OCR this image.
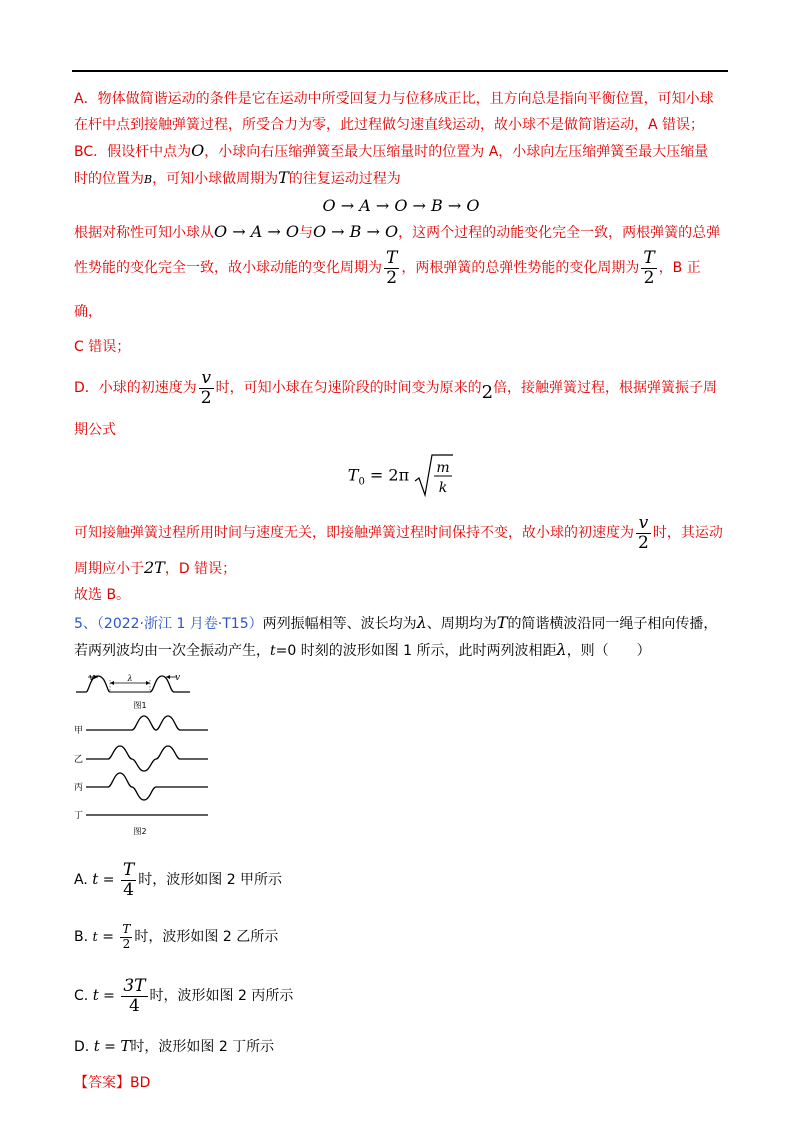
A．物体做简谐运动的条件是它在运动中所受回复力与位移成正比，且方向总是指向平衡位置，可知小球

在杆中点到接触弹簧过程，所受合力为零，此过程做匀速直线运动，故小球不是做简谐运动，A 错误；

BC．假设杆中点为O，小球向右压缩弹簧至最大压缩量时的位置为 A，小球向左压缩弹簧至最大压缩量

时的位置为B，可知小球做周期为T的往复运动过程为

O → A → O → B → O

根据对称性可知小球从O → A → O与O → B → O，这两个过程的动能变化完全一致，两根弹簧的总弹

性势能的变化完全一致，故小球动能的变化周期为 $\frac{T}{2}$ ，两根弹簧的总弹性势能的变化周期为 $\frac{T}{2}$ ，B 正确，

C 错误；

D．小球的初速度为 $\frac{v}{2}$ 时，可知小球在匀速阶段的时间变为原来的2倍，接触弹簧过程，根据弹簧振子周

期公式

$T_0 = 2\pi$ m
k

可知接触弹簧过程所用时间与速度无关，即接触弹簧过程时间保持不变，故小球的初速度为 $\frac{v}{2}$ 时，其运动

周期应小于2T，D 错误；

故选 B。

5、（2022·浙江 1 月卷·T15）两列振幅相等、波长均为λ、周期均为T的简谐横波沿同一绳子相向传播，

若两列波均由一次全振动产生，t=0 时刻的波形如图 1 所示，此时两列波相距λ，则（　　）

v	v
λ
图1
甲
乙
丙
丁
图2

A. $t = \frac{T}{4}$ 时，波形如图 2 甲所示

B. $t = \frac{T}{2}$ 时，波形如图 2 乙所示

C. $t = \frac{3T}{4}$ 时，波形如图 2 丙所示

D. t = T时，波形如图 2 丁所示

【答案】BD
